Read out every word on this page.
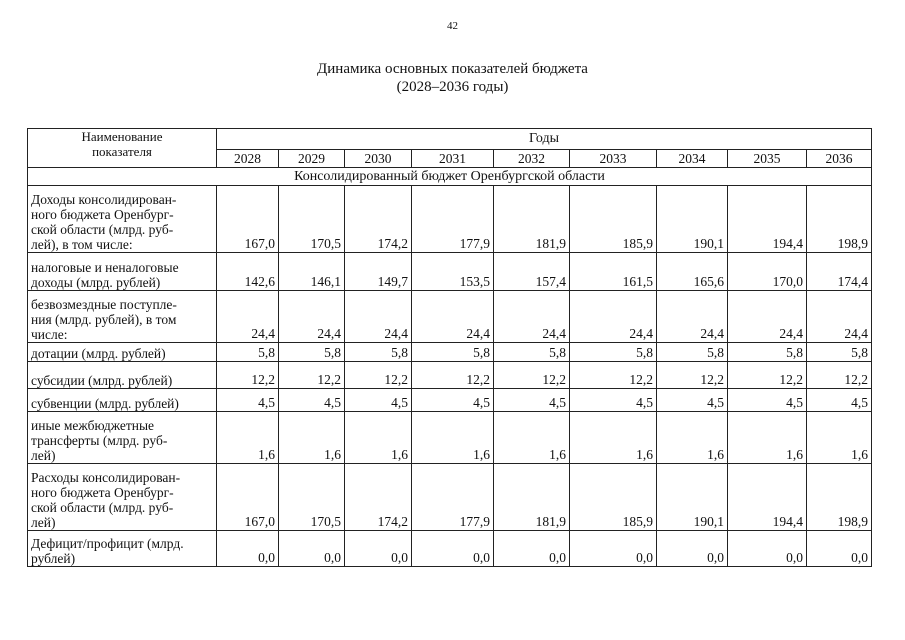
42
Динамика основных показателей бюджета
(2028–2036 годы)
Наименование
показателя	Годы								
	2028	2029	2030	2031	2032	2033	2034	2035	2036
Консолидированный бюджет Оренбургской области									

Доходы консолидирован-
ного бюджета Оренбург-
ской области (млрд. руб-
лей), в том числе:	167,0	170,5	174,2	177,9	181,9	185,9	190,1	194,4	198,9

налоговые и неналоговые
доходы (млрд. рублей)	142,6	146,1	149,7	153,5	157,4	161,5	165,6	170,0	174,4

безвозмездные поступле-
ния (млрд. рублей), в том
числе:	24,4	24,4	24,4	24,4	24,4	24,4	24,4	24,4	24,4

дотации (млрд. рублей)	5,8	5,8	5,8	5,8	5,8	5,8	5,8	5,8	5,8

субсидии (млрд. рублей)	12,2	12,2	12,2	12,2	12,2	12,2	12,2	12,2	12,2

субвенции (млрд. рублей)	4,5	4,5	4,5	4,5	4,5	4,5	4,5	4,5	4,5

иные межбюджетные
трансферты (млрд. руб-
лей)	1,6	1,6	1,6	1,6	1,6	1,6	1,6	1,6	1,6

Расходы консолидирован-
ного бюджета Оренбург-
ской области (млрд. руб-
лей)	167,0	170,5	174,2	177,9	181,9	185,9	190,1	194,4	198,9

Дефицит/профицит (млрд.
рублей)	0,0	0,0	0,0	0,0	0,0	0,0	0,0	0,0	0,0
